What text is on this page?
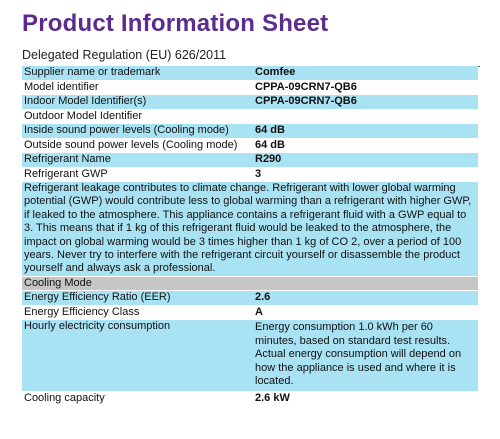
Product Information Sheet
Delegated Regulation (EU) 626/2011
Supplier name or trademark		Comfee
Model identifier		CPPA-09CRN7-QB6
Indoor Model Identifier(s)		CPPA-09CRN7-QB6
Outdoor Model Identifier		
Inside sound power levels (Cooling mode)		64 dB
Outside sound power levels (Cooling mode)		64 dB
Refrigerant Name		R290
Refrigerant GWP		3
Refrigerant leakage contributes to climate change. Refrigerant with lower global warming potential (GWP) would contribute less to global warming than a refrigerant with higher GWP, if leaked to the atmosphere. This appliance contains a refrigerant fluid with a GWP equal to 3. This means that if 1 kg of this refrigerant fluid would be leaked to the atmosphere, the impact on global warming would be 3 times higher than 1 kg of CO 2, over a period of 100 years. Never try to interfere with the refrigerant circuit yourself or disassemble the product yourself and always ask a professional.		
Cooling Mode		
Energy Efficiency Ratio (EER)		2.6
Energy Efficiency Class		A
Hourly electricity consumption		Energy consumption 1.0 kWh per 60 minutes, based on standard test results. Actual energy consumption will depend on how the appliance is used and where it is located.
Cooling capacity		2.6 kW
